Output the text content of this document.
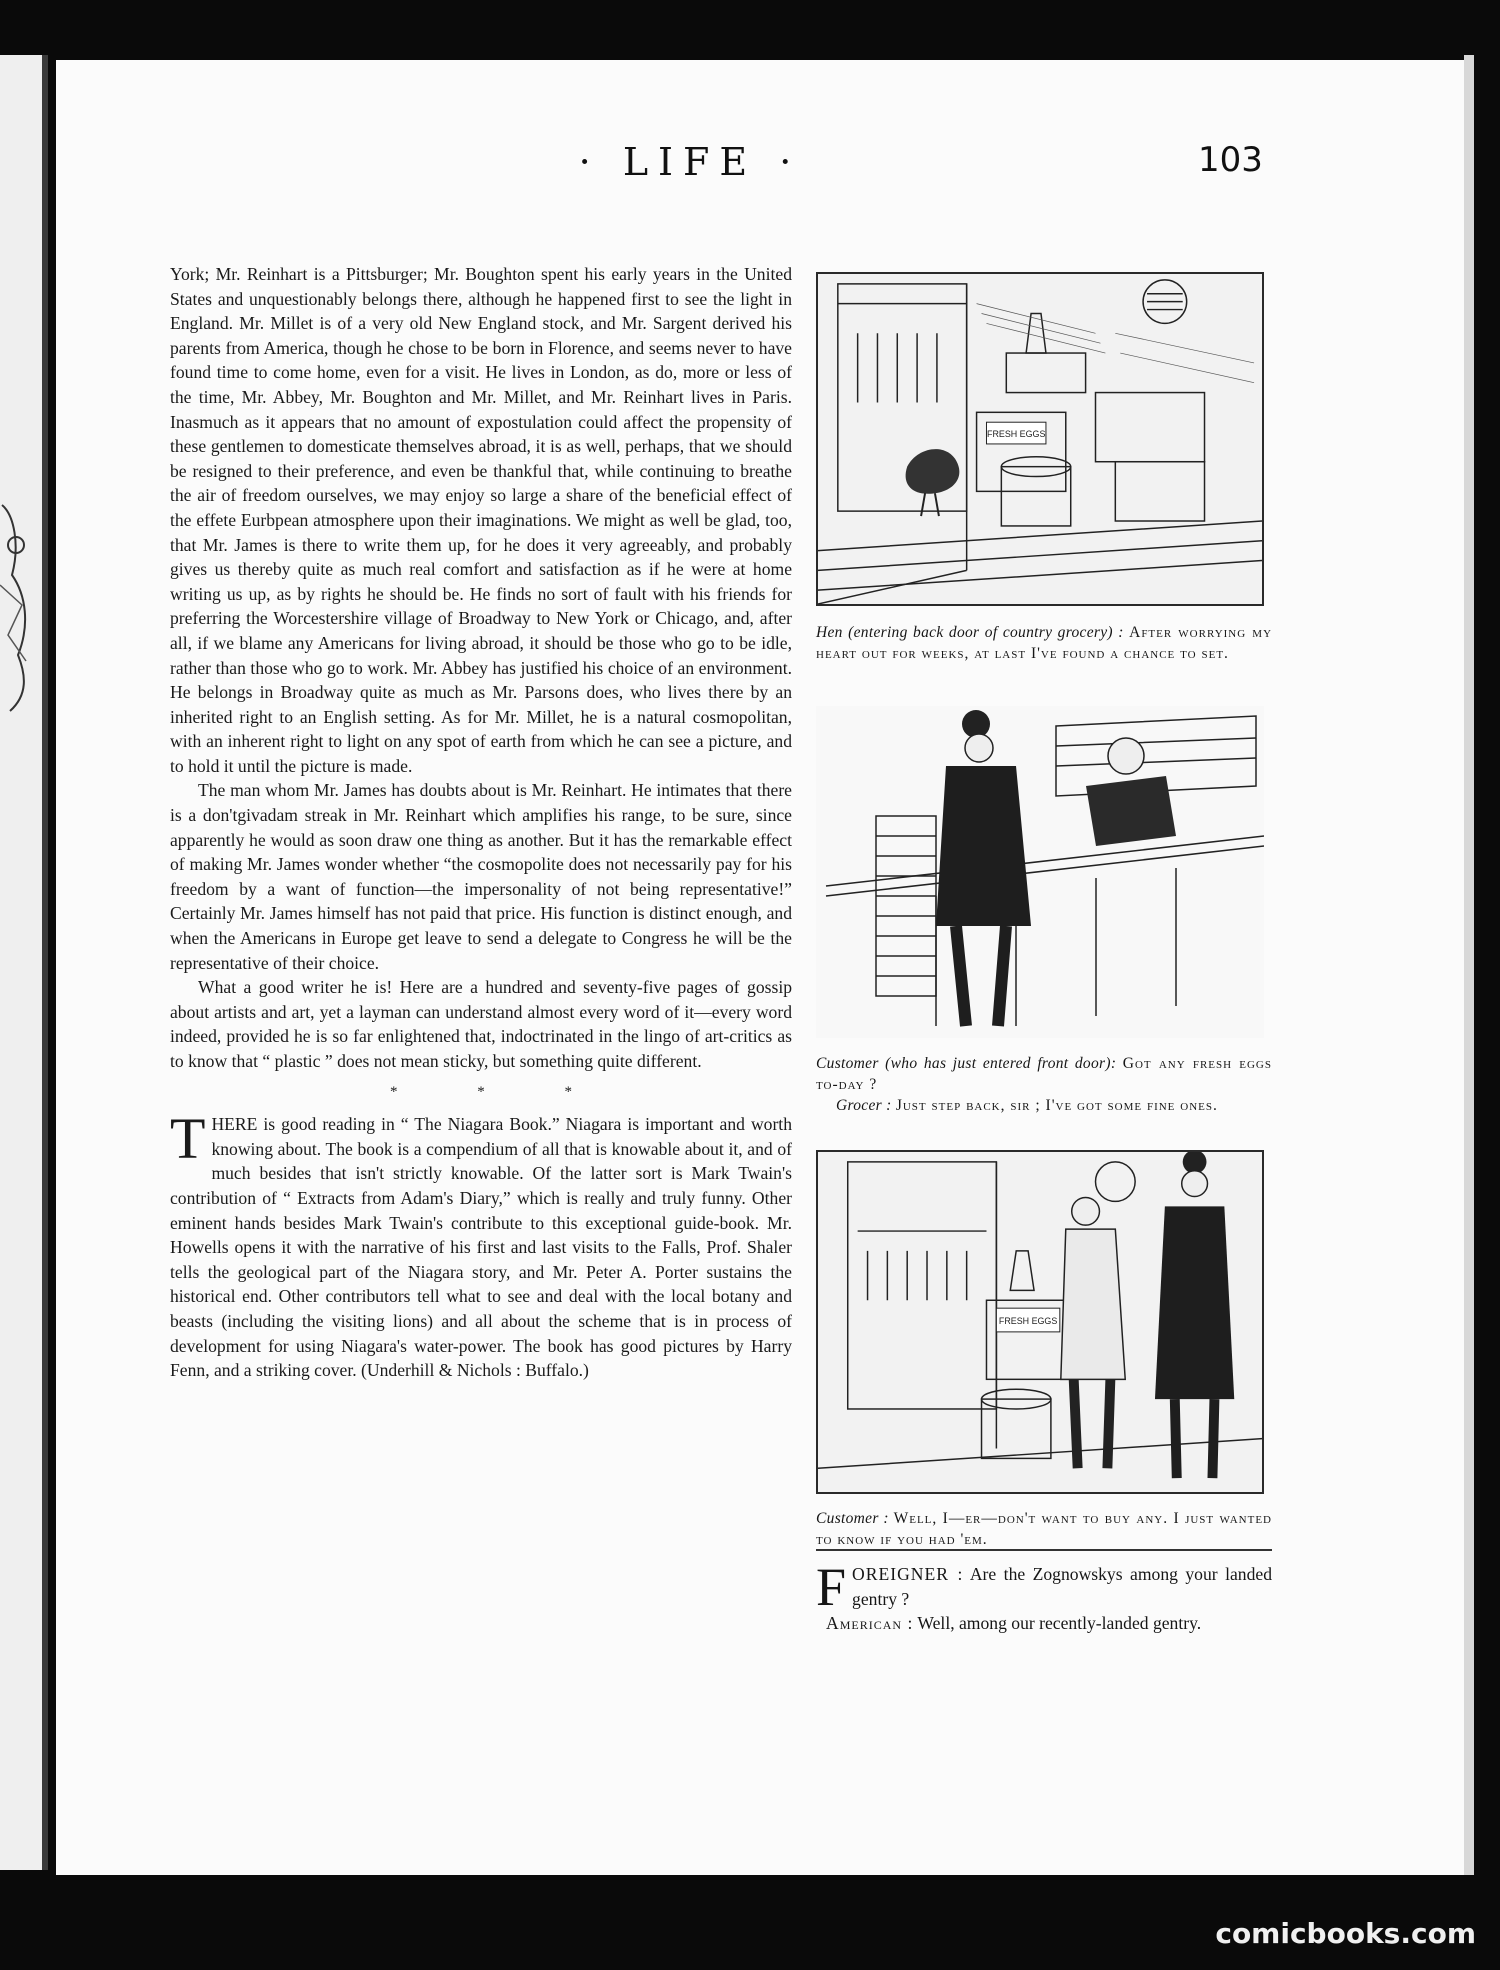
· LIFE ·	103

York; Mr. Reinhart is a Pittsburger; Mr. Boughton spent his early years in the United States and unquestionably belongs there, although he happened first to see the light in England. Mr. Millet is of a very old New England stock, and Mr. Sargent derived his parents from America, though he chose to be born in Florence, and seems never to have found time to come home, even for a visit. He lives in London, as do, more or less of the time, Mr. Abbey, Mr. Boughton and Mr. Millet, and Mr. Reinhart lives in Paris. Inasmuch as it appears that no amount of expostulation could affect the propensity of these gentlemen to domesticate themselves abroad, it is as well, perhaps, that we should be resigned to their preference, and even be thankful that, while continuing to breathe the air of freedom ourselves, we may enjoy so large a share of the beneficial effect of the effete Eurbpean atmosphere upon their imaginations. We might as well be glad, too, that Mr. James is there to write them up, for he does it very agreeably, and probably gives us thereby quite as much real comfort and satisfaction as if he were at home writing us up, as by rights he should be. He finds no sort of fault with his friends for preferring the Worcestershire village of Broadway to New York or Chicago, and, after all, if we blame any Americans for living abroad, it should be those who go to be idle, rather than those who go to work. Mr. Abbey has justified his choice of an environment. He belongs in Broadway quite as much as Mr. Parsons does, who lives there by an inherited right to an English setting. As for Mr. Millet, he is a natural cosmopolitan, with an inherent right to light on any spot of earth from which he can see a picture, and to hold it until the picture is made.

The man whom Mr. James has doubts about is Mr. Reinhart. He intimates that there is a don'tgivadam streak in Mr. Reinhart which amplifies his range, to be sure, since apparently he would as soon draw one thing as another. But it has the remarkable effect of making Mr. James wonder whether “the cosmopolite does not necessarily pay for his freedom by a want of function—the impersonality of not being representative!” Certainly Mr. James himself has not paid that price. His function is distinct enough, and when the Americans in Europe get leave to send a delegate to Congress he will be the representative of their choice.

What a good writer he is! Here are a hundred and seventy-five pages of gossip about artists and art, yet a layman can understand almost every word of it—every word indeed, provided he is so far enlightened that, indoctrinated in the lingo of art-critics as to know that “ plastic ” does not mean sticky, but something quite different.

* * *

THERE is good reading in “ The Niagara Book.” Niagara is important and worth knowing about. The book is a compendium of all that is knowable about it, and of much besides that isn't strictly knowable. Of the latter sort is Mark Twain's contribution of “ Extracts from Adam's Diary,” which is really and truly funny. Other eminent hands besides Mark Twain's contribute to this exceptional guide-book. Mr. Howells opens it with the narrative of his first and last visits to the Falls, Prof. Shaler tells the geological part of the Niagara story, and Mr. Peter A. Porter sustains the historical end. Other contributors tell what to see and deal with the local botany and beasts (including the visiting lions) and all about the scheme that is in process of development for using Niagara's water-power. The book has good pictures by Harry Fenn, and a striking cover. (Underhill & Nichols : Buffalo.)

FRESH EGGS
Hen (entering back door of country grocery) : After worrying my heart out for weeks, at last I've found a chance to set.
Customer (who has just entered front door): Got any fresh eggs to-day ?
Grocer : Just step back, sir ; I've got some fine ones.
FRESH EGGS
Customer : Well, I—er—don't want to buy any. I just wanted to know if you had 'em.
FOREIGNER : Are the Zognowskys among your landed gentry ?
American : Well, among our recently-landed gentry.
comicbooks.com
